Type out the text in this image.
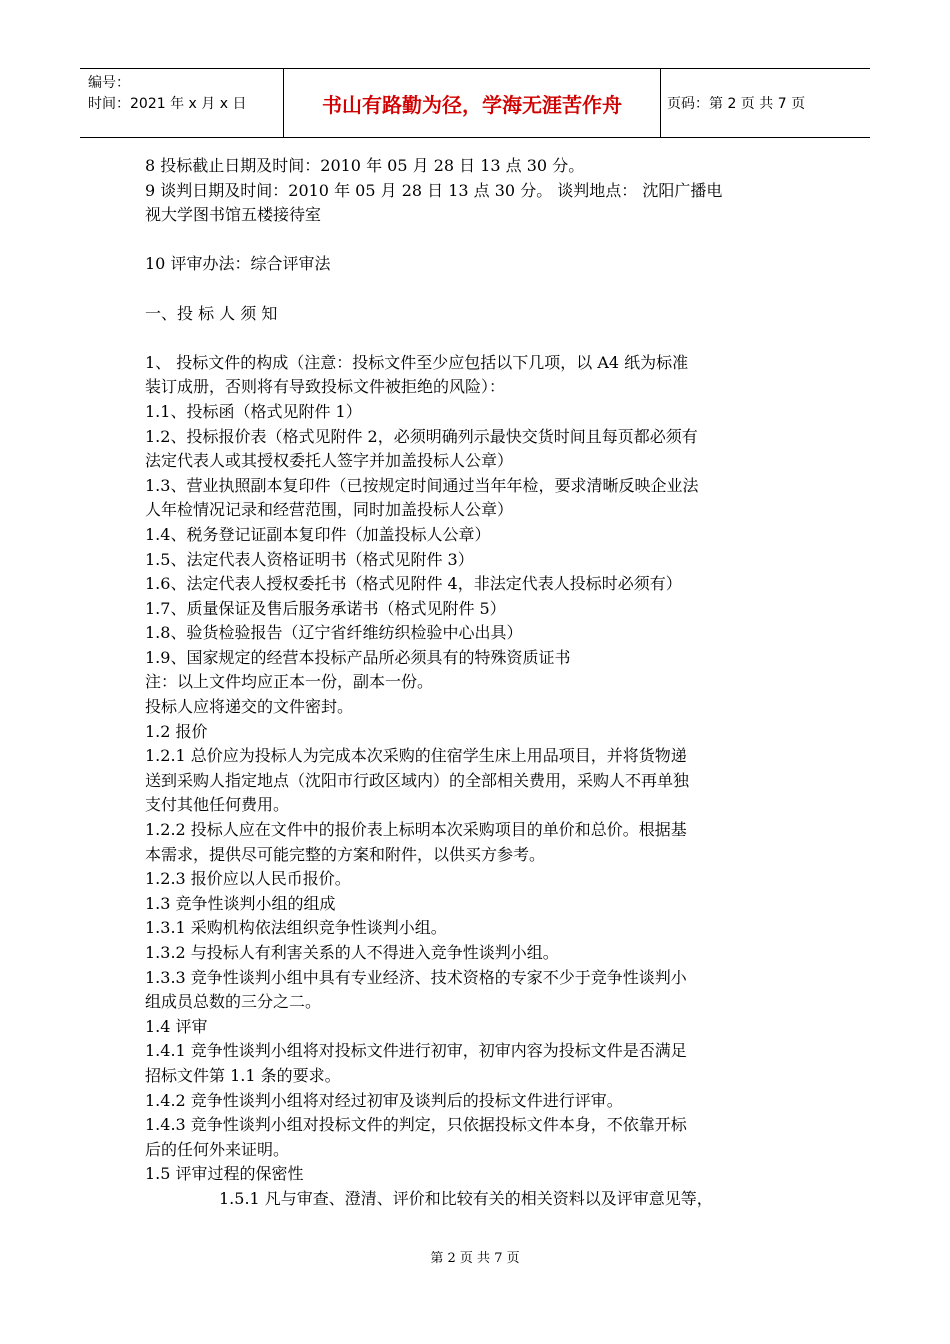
编号：
时间：2021 年 x 月 x 日	书山有路勤为径，学海无涯苦作舟	页码：第 2 页 共 7 页
8 投标截止日期及时间：2010 年 05 月 28 日 13 点 30 分。
9 谈判日期及时间：2010 年 05 月 28 日 13 点 30 分。 谈判地点： 沈阳广播电
视大学图书馆五楼接待室
10 评审办法：综合评审法
一、投 标 人 须 知
1、 投标文件的构成（注意：投标文件至少应包括以下几项，以 A4 纸为标准
装订成册，否则将有导致投标文件被拒绝的风险）：
1.1、投标函（格式见附件 1）
1.2、投标报价表（格式见附件 2，必须明确列示最快交货时间且每页都必须有
法定代表人或其授权委托人签字并加盖投标人公章）
1.3、营业执照副本复印件（已按规定时间通过当年年检，要求清晰反映企业法
人年检情况记录和经营范围，同时加盖投标人公章）
1.4、税务登记证副本复印件（加盖投标人公章）
1.5、法定代表人资格证明书（格式见附件 3）
1.6、法定代表人授权委托书（格式见附件 4，非法定代表人投标时必须有）
1.7、质量保证及售后服务承诺书（格式见附件 5）
1.8、验货检验报告（辽宁省纤维纺织检验中心出具）
1.9、国家规定的经营本投标产品所必须具有的特殊资质证书
注：以上文件均应正本一份，副本一份。
投标人应将递交的文件密封。
1.2 报价
1.2.1 总价应为投标人为完成本次采购的住宿学生床上用品项目，并将货物递
送到采购人指定地点（沈阳市行政区域内）的全部相关费用，采购人不再单独
支付其他任何费用。
1.2.2 投标人应在文件中的报价表上标明本次采购项目的单价和总价。根据基
本需求，提供尽可能完整的方案和附件，以供买方参考。
1.2.3 报价应以人民币报价。
1.3 竞争性谈判小组的组成
1.3.1 采购机构依法组织竞争性谈判小组。
1.3.2 与投标人有利害关系的人不得进入竞争性谈判小组。
1.3.3 竞争性谈判小组中具有专业经济、技术资格的专家不少于竞争性谈判小
组成员总数的三分之二。
1.4 评审
1.4.1 竞争性谈判小组将对投标文件进行初审，初审内容为投标文件是否满足
招标文件第 1.1 条的要求。
1.4.2 竞争性谈判小组将对经过初审及谈判后的投标文件进行评审。
1.4.3 竞争性谈判小组对投标文件的判定，只依据投标文件本身，不依靠开标
后的任何外来证明。
1.5 评审过程的保密性
1.5.1 凡与审查、澄清、评价和比较有关的相关资料以及评审意见等，
第 2 页 共 7 页
